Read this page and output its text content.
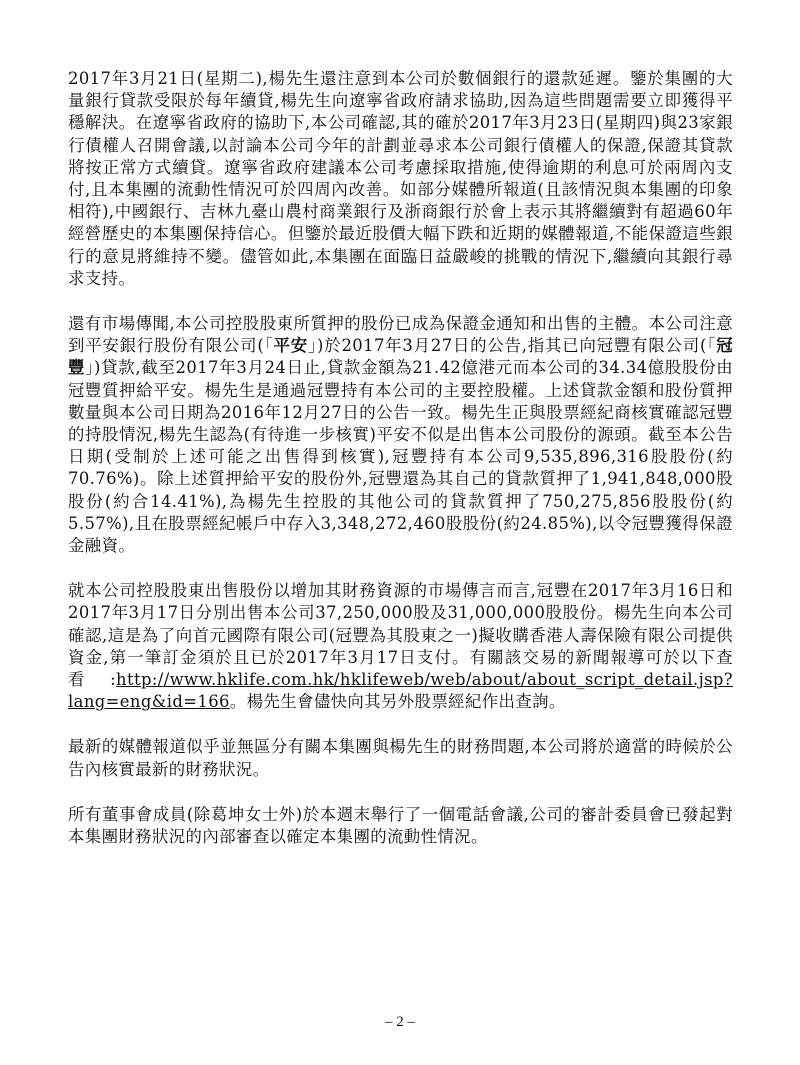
2017年3月21日(星期二),楊先生還注意到本公司於數個銀行的還款延遲。鑒於集團的大量銀行貸款受限於每年續貸,楊先生向遼寧省政府請求協助,因為這些問題需要立即獲得平穩解決。在遼寧省政府的協助下,本公司確認,其的確於2017年3月23日(星期四)與23家銀行債權人召開會議,以討論本公司今年的計劃並尋求本公司銀行債權人的保證,保證其貸款將按正常方式續貸。遼寧省政府建議本公司考慮採取措施,使得逾期的利息可於兩周內支付,且本集團的流動性情況可於四周內改善。如部分媒體所報道(且該情況與本集團的印象相符),中國銀行、吉林九臺山農村商業銀行及浙商銀行於會上表示其將繼續對有超過60年經營歷史的本集團保持信心。但鑒於最近股價大幅下跌和近期的媒體報道,不能保證這些銀行的意見將維持不變。儘管如此,本集團在面臨日益嚴峻的挑戰的情況下,繼續向其銀行尋求支持。

還有市場傳聞,本公司控股股東所質押的股份已成為保證金通知和出售的主體。本公司注意到平安銀行股份有限公司(「平安」)於2017年3月27日的公告,指其已向冠豐有限公司(「冠豐」)貸款,截至2017年3月24日止,貸款金額為21.42億港元而本公司的34.34億股股份由冠豐質押給平安。楊先生是通過冠豐持有本公司的主要控股權。上述貸款金額和股份質押數量與本公司日期為2016年12月27日的公告一致。楊先生正與股票經紀商核實確認冠豐的持股情況,楊先生認為(有待進一步核實)平安不似是出售本公司股份的源頭。截至本公告日期(受制於上述可能之出售得到核實),冠豐持有本公司9,535,896,316股股份(約70.76%)。除上述質押給平安的股份外,冠豐還為其自己的貸款質押了1,941,848,000股股份(約合14.41%),為楊先生控股的其他公司的貸款質押了750,275,856股股份(約5.57%),且在股票經紀帳戶中存入3,348,272,460股股份(約24.85%),以令冠豐獲得保證金融資。

就本公司控股股東出售股份以增加其財務資源的市場傳言而言,冠豐在2017年3月16日和2017年3月17日分別出售本公司37,250,000股及31,000,000股股份。楊先生向本公司確認,這是為了向首元國際有限公司(冠豐為其股東之一)擬收購香港人壽保險有限公司提供資金,第一筆訂金須於且已於2017年3月17日支付。有關該交易的新聞報導可於以下查看:http://www.hklife.com.hk/hklifeweb/web/about/about_script_detail.jsp?lang=eng&id=166。楊先生會儘快向其另外股票經紀作出查詢。

最新的媒體報道似乎並無區分有關本集團與楊先生的財務問題,本公司將於適當的時候於公告內核實最新的財務狀況。

所有董事會成員(除葛坤女士外)於本週末舉行了一個電話會議,公司的審計委員會已發起對本集團財務狀況的內部審查以確定本集團的流動性情況。

– 2 –
